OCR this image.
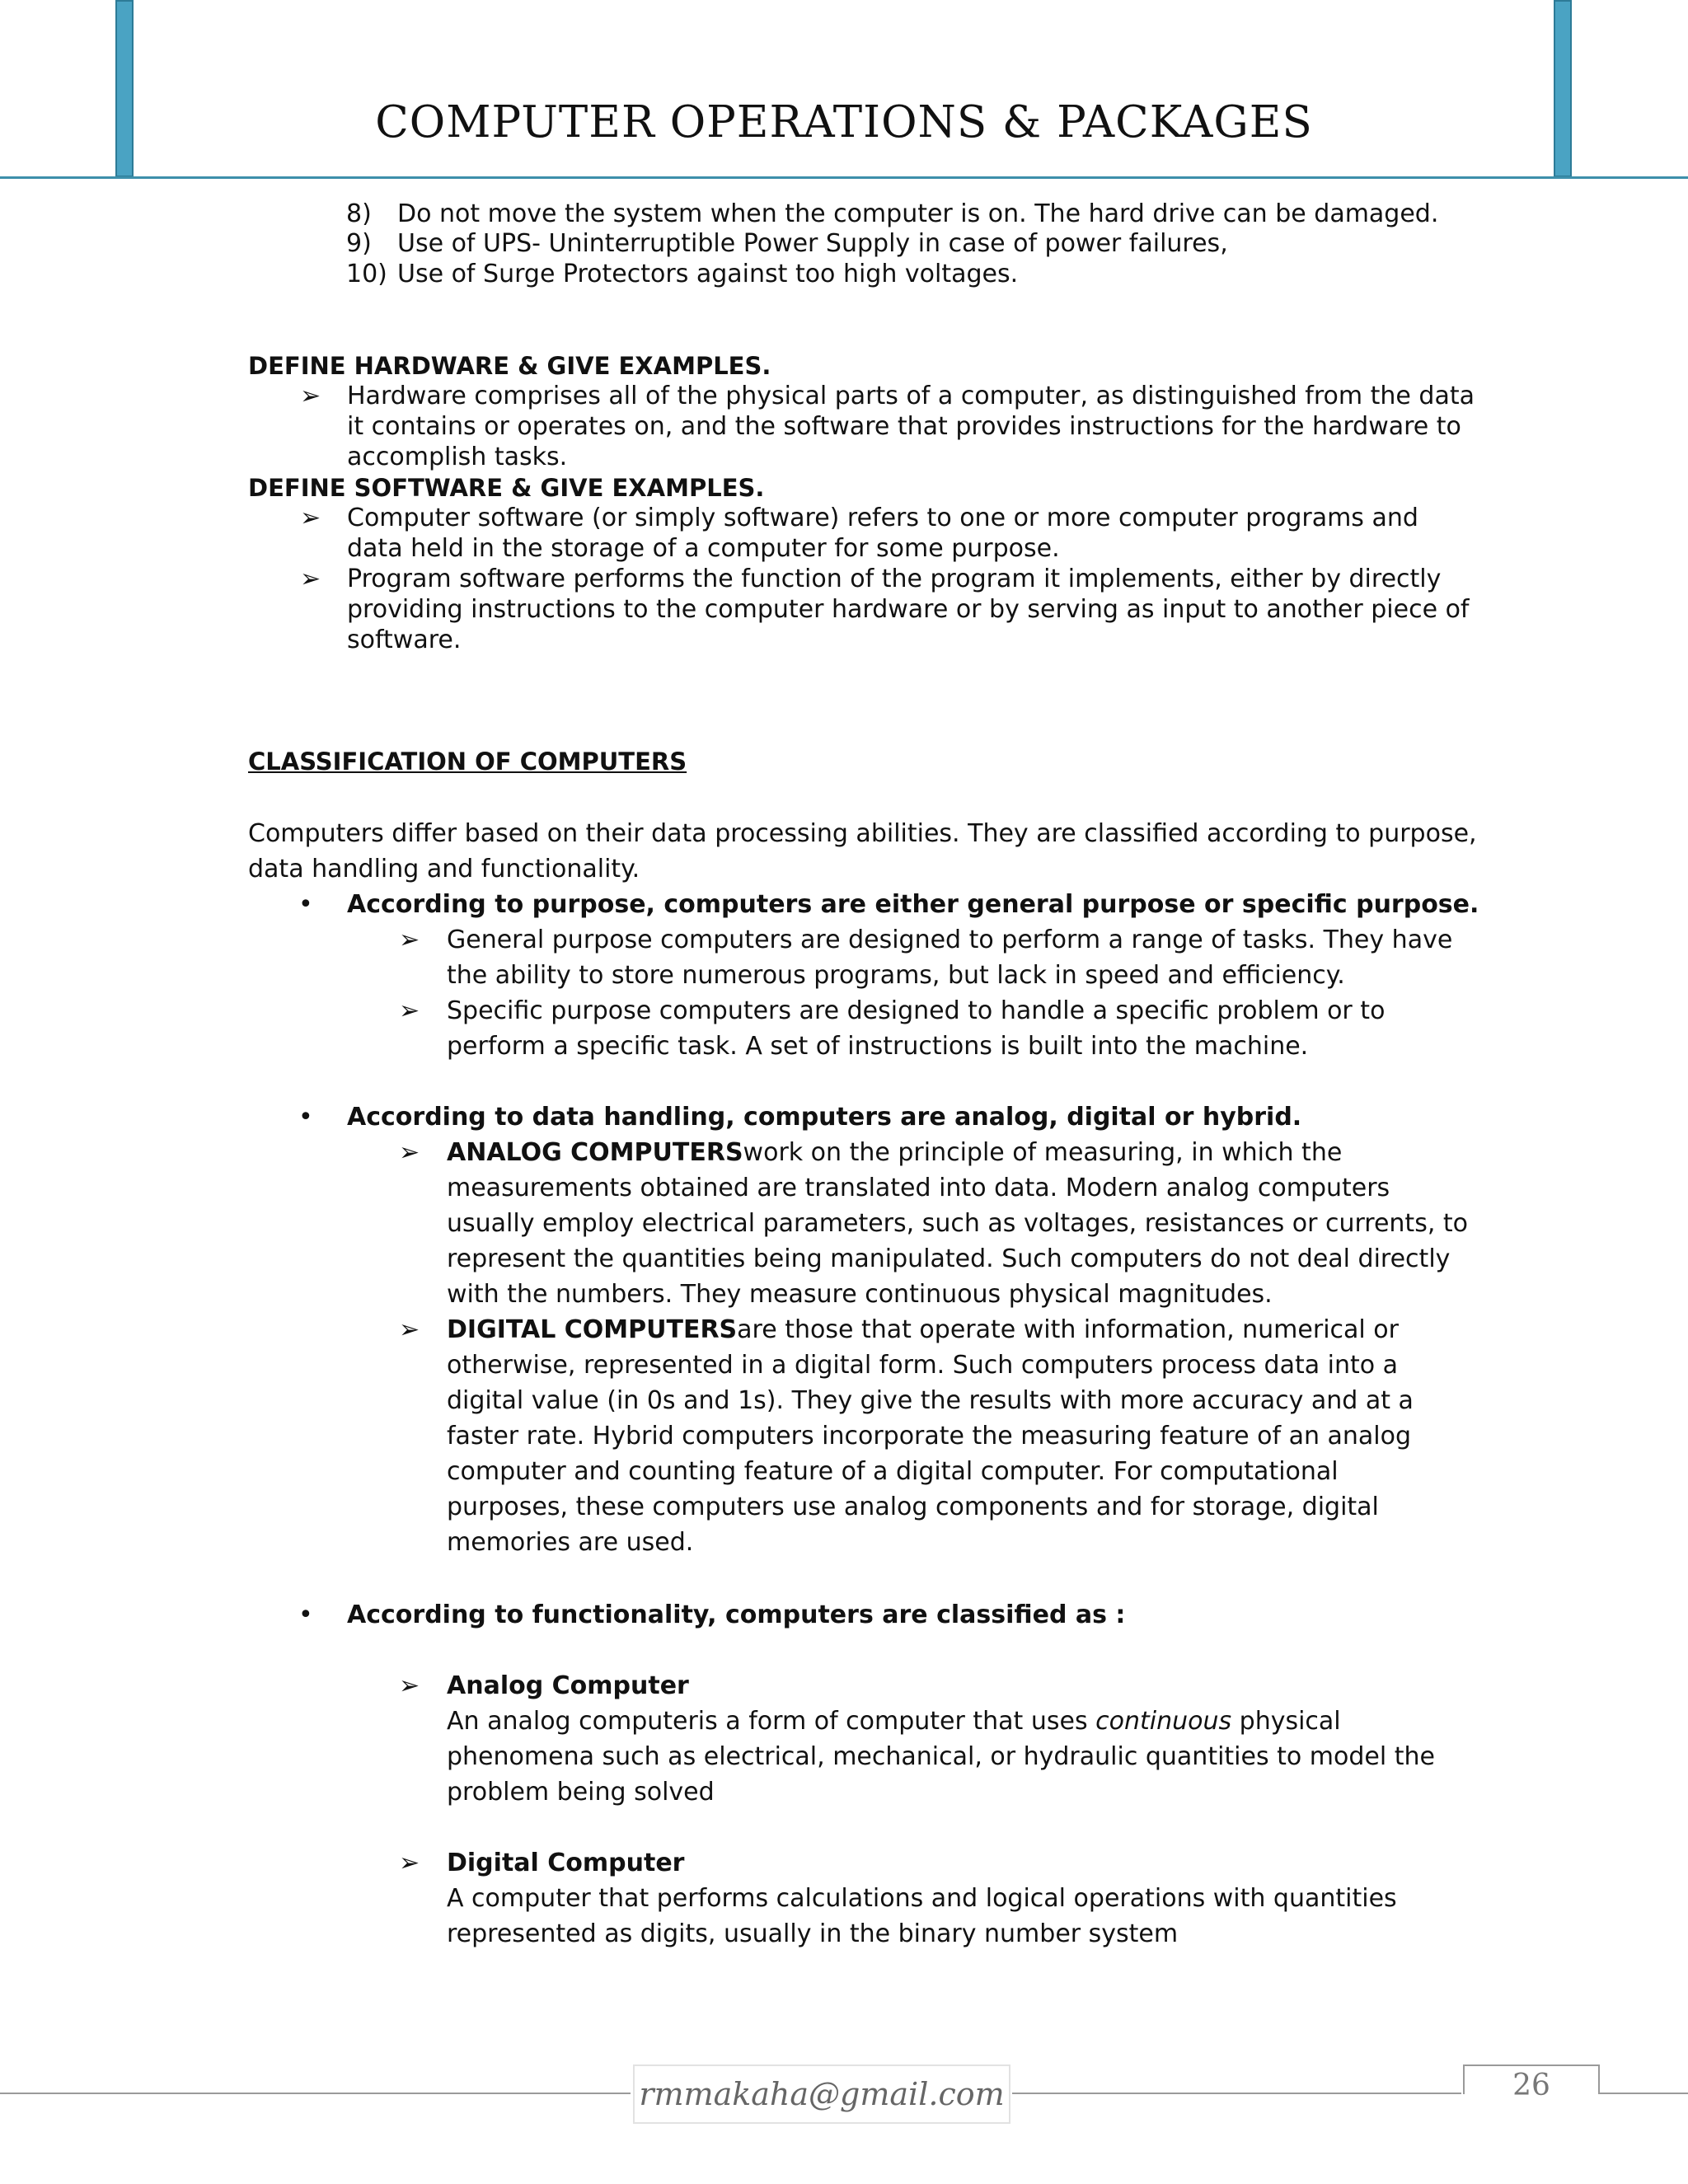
COMPUTER OPERATIONS & PACKAGES
8) Do not move the system when the computer is on. The hard drive can be damaged.
9) Use of UPS- Uninterruptible Power Supply in case of power failures,
10) Use of Surge Protectors against too high voltages.
DEFINE HARDWARE & GIVE EXAMPLES.
➢ Hardware comprises all of the physical parts of a computer, as distinguished from the data
it contains or operates on, and the software that provides instructions for the hardware to
accomplish tasks.
DEFINE SOFTWARE & GIVE EXAMPLES.
➢ Computer software (or simply software) refers to one or more computer programs and
data held in the storage of a computer for some purpose.
➢ Program software performs the function of the program it implements, either by directly
providing instructions to the computer hardware or by serving as input to another piece of
software.
CLASSIFICATION OF COMPUTERS
Computers differ based on their data processing abilities. They are classified according to purpose,
data handling and functionality.
• According to purpose, computers are either general purpose or specific purpose.
➢ General purpose computers are designed to perform a range of tasks. They have
the ability to store numerous programs, but lack in speed and efficiency.
➢ Specific purpose computers are designed to handle a specific problem or to
perform a specific task. A set of instructions is built into the machine.
• According to data handling, computers are analog, digital or hybrid.
➢ ANALOG COMPUTERSwork on the principle of measuring, in which the
measurements obtained are translated into data. Modern analog computers
usually employ electrical parameters, such as voltages, resistances or currents, to
represent the quantities being manipulated. Such computers do not deal directly
with the numbers. They measure continuous physical magnitudes.
➢ DIGITAL COMPUTERSare those that operate with information, numerical or
otherwise, represented in a digital form. Such computers process data into a
digital value (in 0s and 1s). They give the results with more accuracy and at a
faster rate. Hybrid computers incorporate the measuring feature of an analog
computer and counting feature of a digital computer. For computational
purposes, these computers use analog components and for storage, digital
memories are used.
• According to functionality, computers are classified as :
➢ Analog Computer
An analog computeris a form of computer that uses continuous physical
phenomena such as electrical, mechanical, or hydraulic quantities to model the
problem being solved
➢ Digital Computer
A computer that performs calculations and logical operations with quantities
represented as digits, usually in the binary number system
rmmakaha@gmail.com	26
